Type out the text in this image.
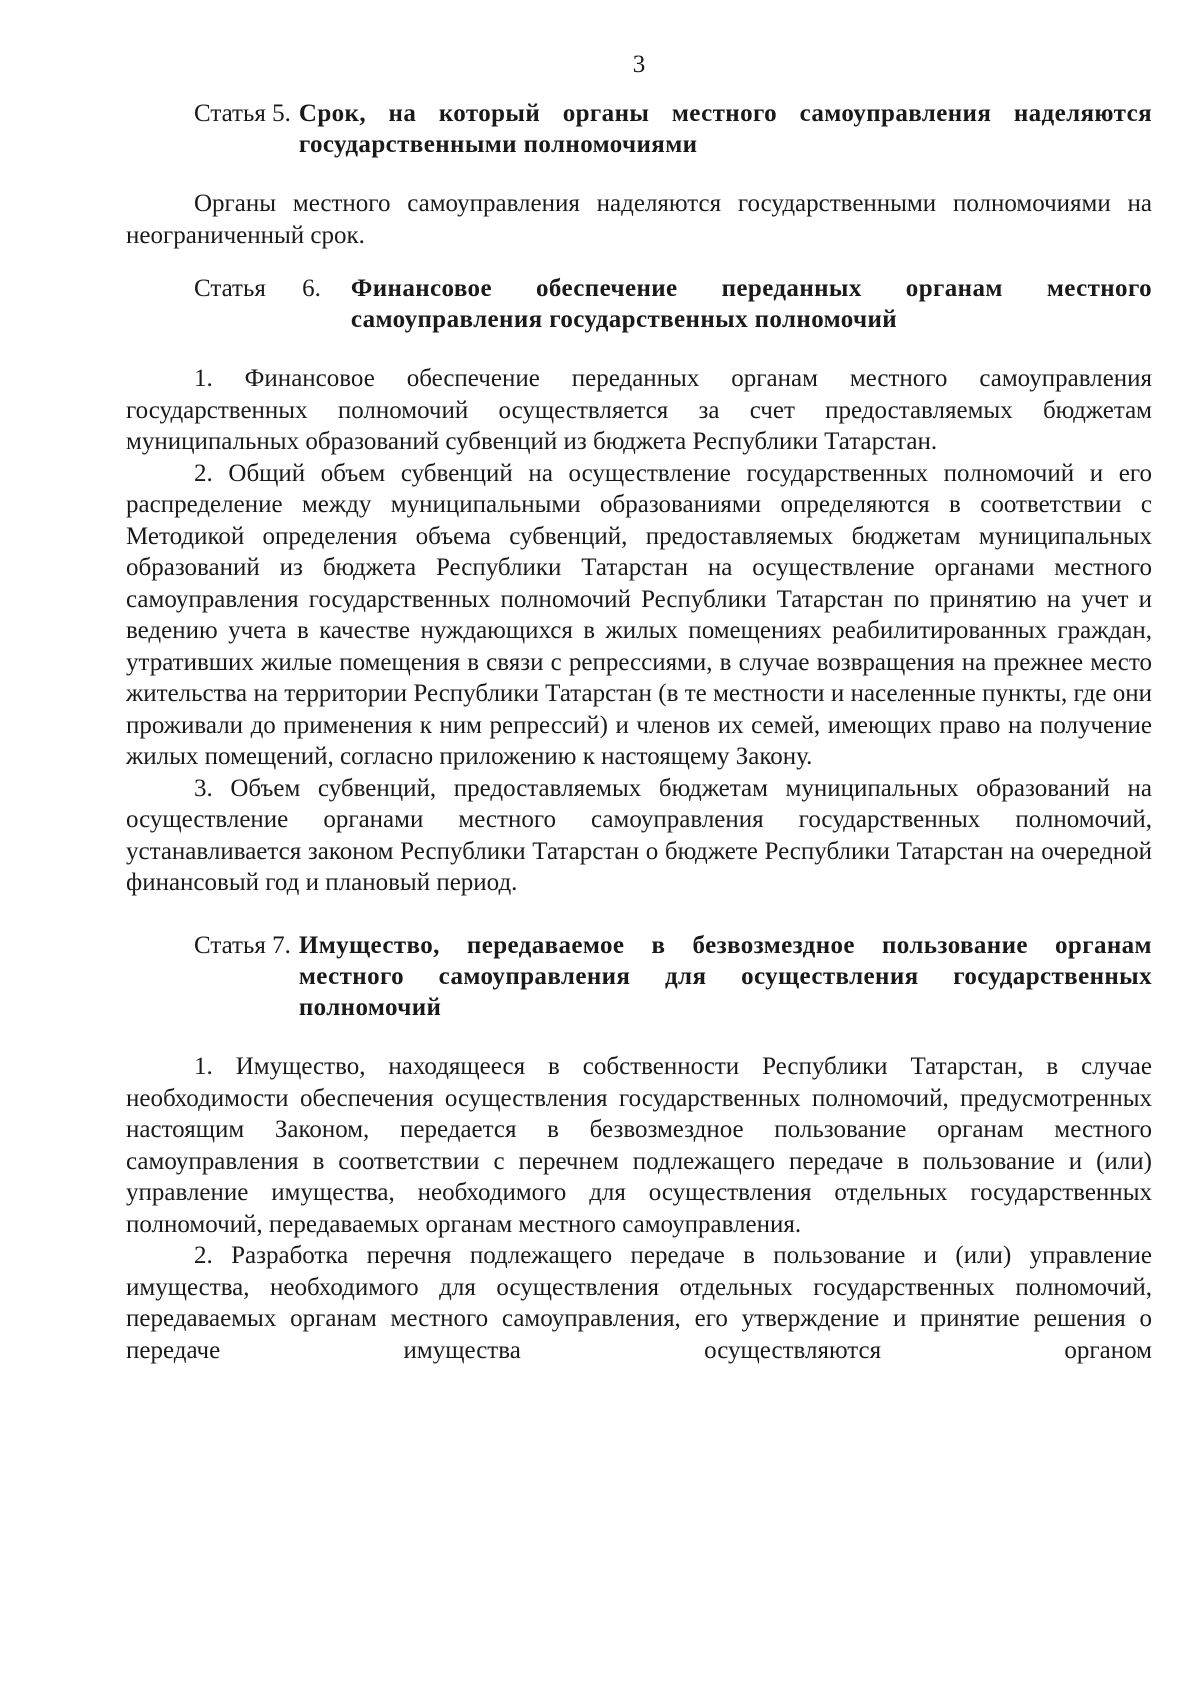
3
Статья 5. Срок, на который органы местного самоуправления наделяются государственными полномочиями

Органы местного самоуправления наделяются государственными полномочиями на неограниченный срок.

Статья 6.	Финансовое обеспечение переданных органам местного самоуправления государственных полномочий

1. Финансовое обеспечение переданных органам местного самоуправления государственных полномочий осуществляется за счет предоставляемых бюджетам муниципальных образований субвенций из бюджета Республики Татарстан.

2. Общий объем субвенций на осуществление государственных полномочий и его распределение между муниципальными образованиями определяются в соответствии с Методикой определения объема субвенций, предоставляемых бюджетам муниципальных образований из бюджета Республики Татарстан на осуществление органами местного самоуправления государственных полномочий Республики Татарстан по принятию на учет и ведению учета в качестве нуждающихся в жилых помещениях реабилитированных граждан, утративших жилые помещения в связи с репрессиями, в случае возвращения на прежнее место жительства на территории Республики Татарстан (в те местности и населенные пункты, где они проживали до применения к ним репрессий) и членов их семей, имеющих право на получение жилых помещений, согласно приложению к настоящему Закону.

3. Объем субвенций, предоставляемых бюджетам муниципальных образований на осуществление органами местного самоуправления государственных полномочий, устанавливается законом Республики Татарстан о бюджете Республики Татарстан на очередной финансовый год и плановый период.

Статья 7. Имущество, передаваемое в безвозмездное пользование органам местного самоуправления для осуществления государственных полномочий

1. Имущество, находящееся в собственности Республики Татарстан, в случае необходимости обеспечения осуществления государственных полномочий, предусмотренных настоящим Законом, передается в безвозмездное пользование органам местного самоуправления в соответствии с перечнем подлежащего передаче в пользование и (или) управление имущества, необходимого для осуществления отдельных государственных полномочий, передаваемых органам местного самоуправления.

2. Разработка перечня подлежащего передаче в пользование и (или) управление имущества, необходимого для осуществления отдельных государственных полномочий, передаваемых органам местного самоуправления, его утверждение и принятие решения о передаче имущества осуществляются органом
